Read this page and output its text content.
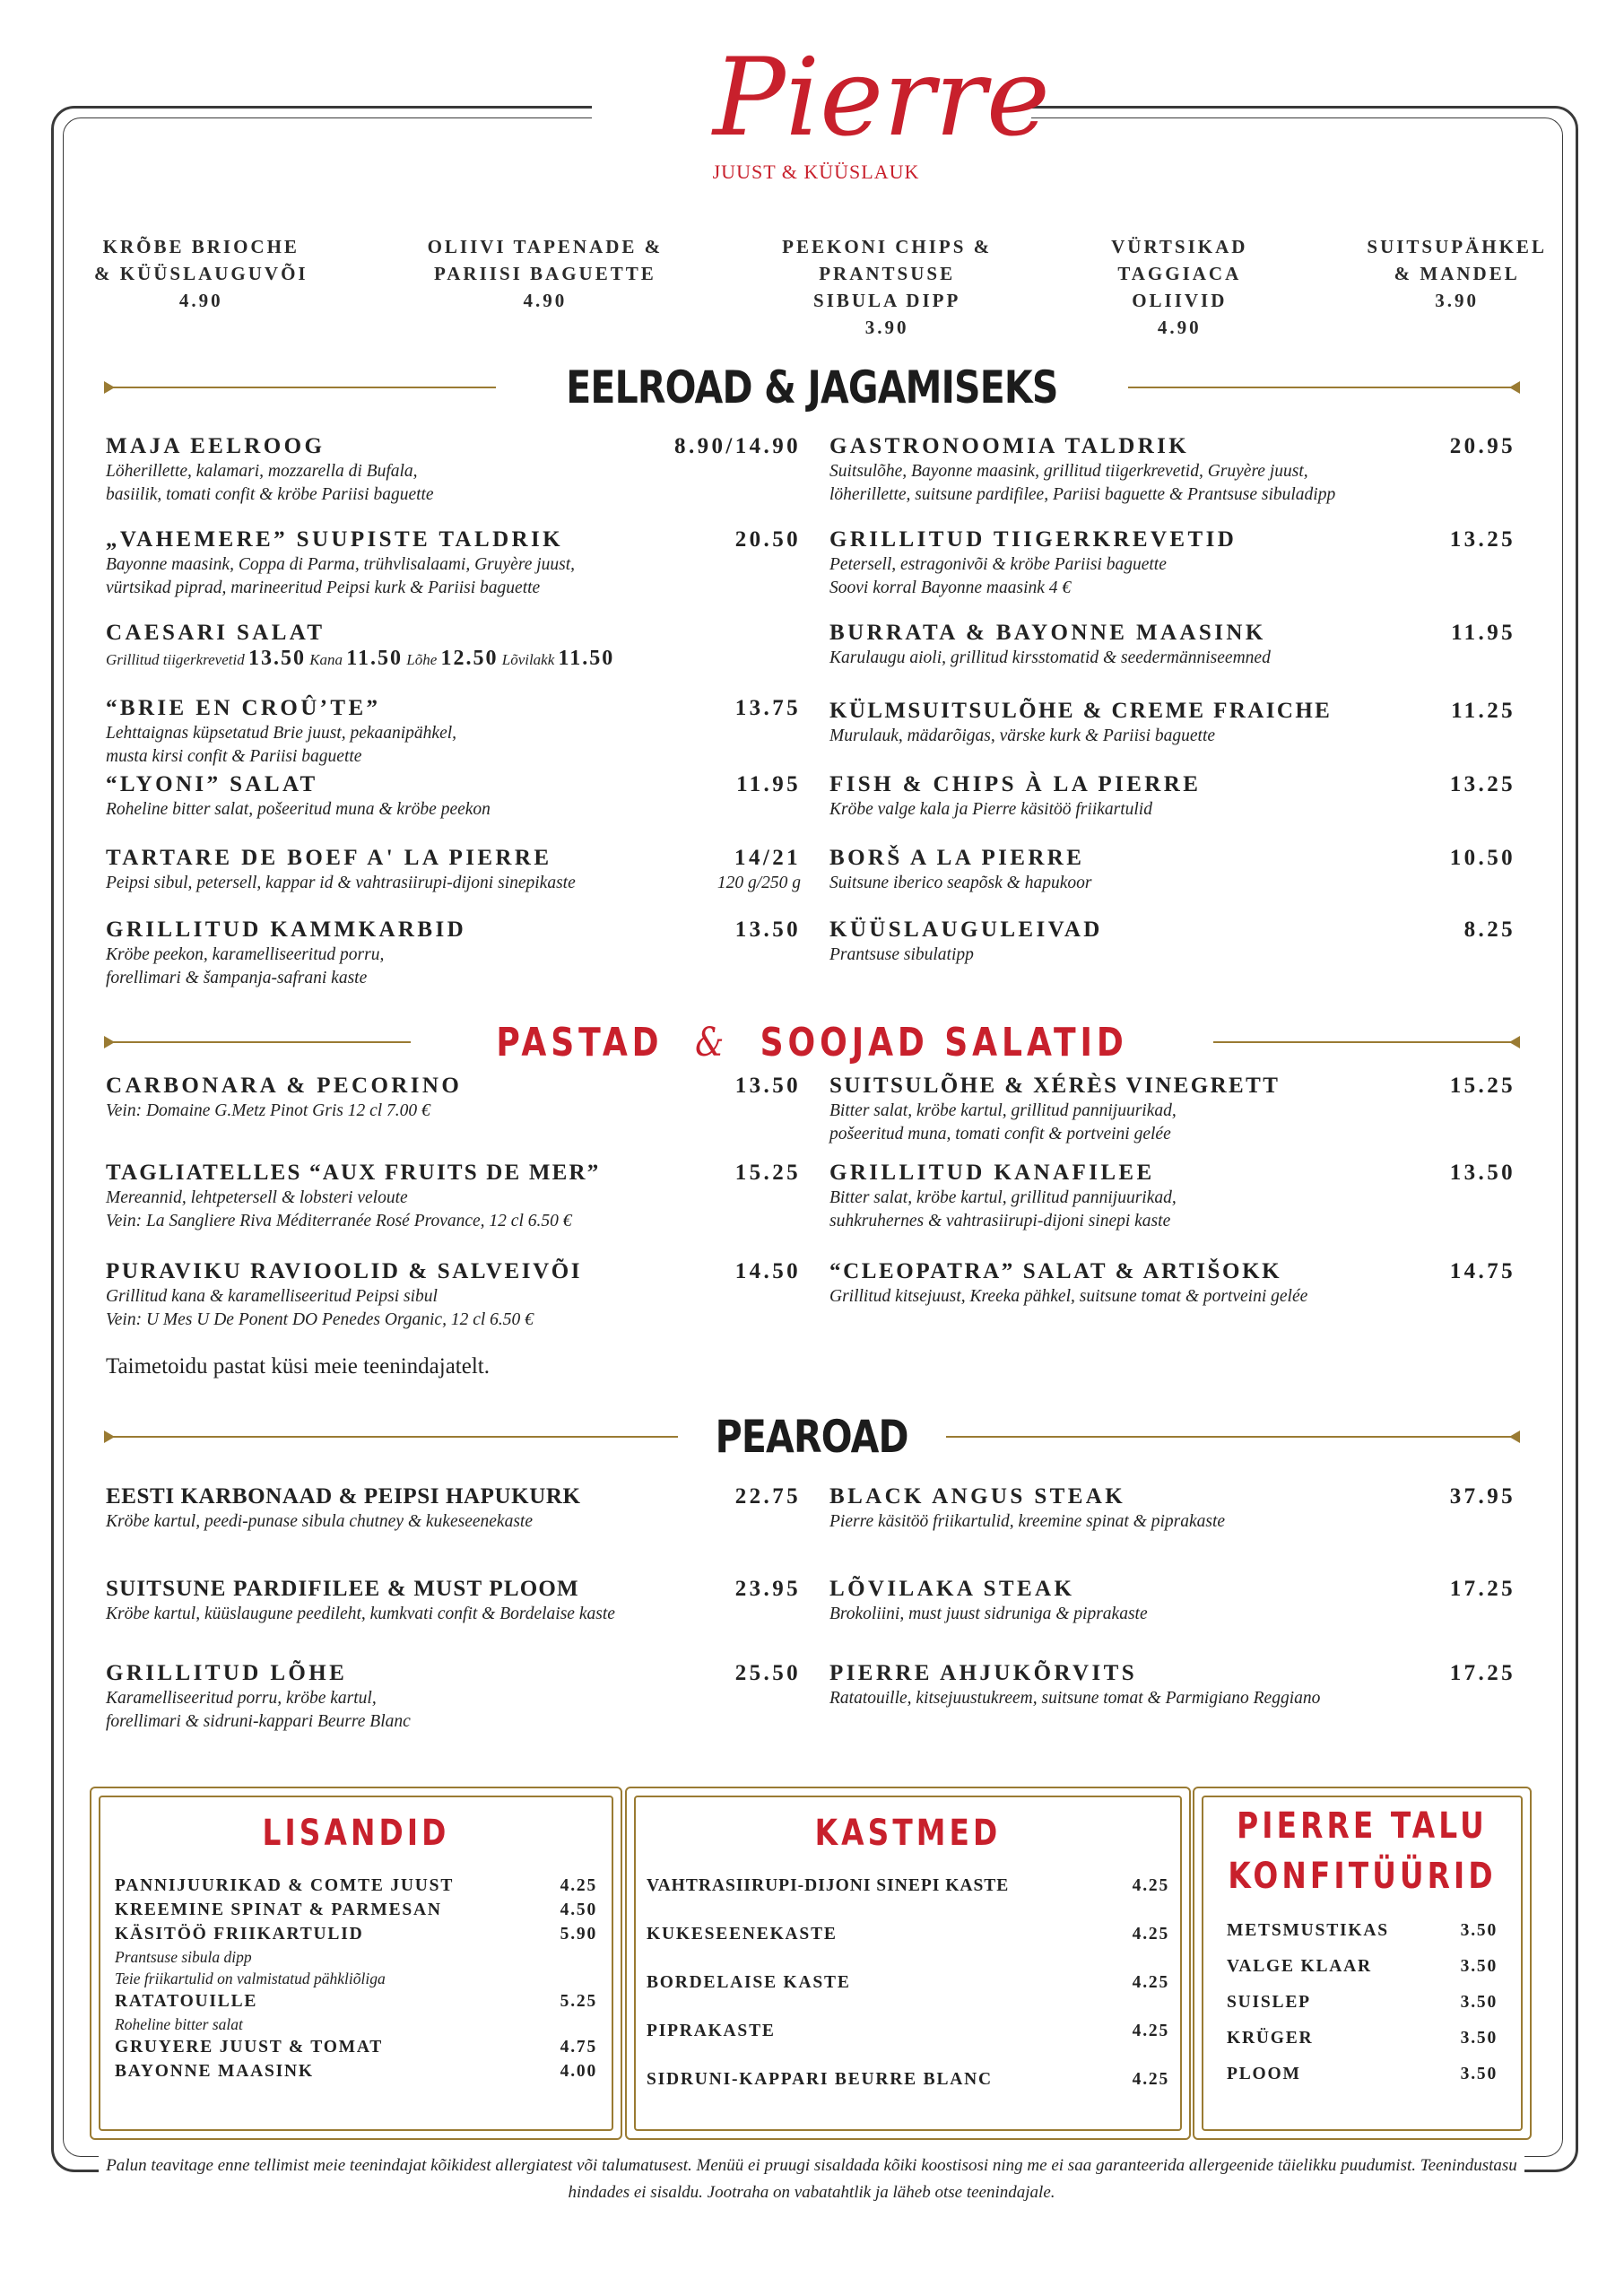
Pierre
JUUST & KÜÜSLAUK
KRÕBE BRIOCHE
& KÜÜSLAUGUVÕI
4.90
OLIIVI TAPENADE &
PARIISI BAGUETTE
4.90
PEEKONI CHIPS &
PRANTSUSE
SIBULA DIPP
3.90
VÜRTSIKAD
TAGGIACA
OLIIVID
4.90
SUITSUPÄHKEL
& MANDEL
3.90
EELROAD & JAGAMISEKS
MAJA EELROOG	8.90/14.90
Löherillette, kalamari, mozzarella di Bufala,
basiilik, tomati confit & kröbe Pariisi baguette
„VAHEMERE” SUUPISTE TALDRIK	20.50
Bayonne maasink, Coppa di Parma, trühvlisalaami, Gruyère juust,
vürtsikad piprad, marineeritud Peipsi kurk & Pariisi baguette
CAESARI SALAT
Grillitud tiigerkrevetid 13.50 Kana 11.50 Lõhe 12.50 Lõvilakk 11.50
“BRIE EN CROÛ’TE”	13.75
Lehttaignas küpsetatud Brie juust, pekaanipähkel,
musta kirsi confit & Pariisi baguette
“LYONI” SALAT	11.95
Roheline bitter salat, pošeeritud muna & kröbe peekon
TARTARE DE BOEF A' LA PIERRE	14/21
Peipsi sibul, petersell, kappar id & vahtrasiirupi-dijoni sinepikaste	120 g/250 g
GRILLITUD KAMMKARBID	13.50
Kröbe peekon, karamelliseeritud porru,
forellimari & šampanja-safrani kaste
GASTRONOOMIA TALDRIK	20.95
Suitsulõhe, Bayonne maasink, grillitud tiigerkrevetid, Gruyère juust,
löherillette, suitsune pardifilee, Pariisi baguette & Prantsuse sibuladipp
GRILLITUD TIIGERKREVETID	13.25
Petersell, estragonivõi & kröbe Pariisi baguette
Soovi korral Bayonne maasink 4 €
BURRATA & BAYONNE MAASINK	11.95
Karulaugu aioli, grillitud kirsstomatid & seedermänniseemned
KÜLMSUITSULÕHE & CREME FRAICHE	11.25
Murulauk, mädarõigas, värske kurk & Pariisi baguette
FISH & CHIPS À LA PIERRE	13.25
Kröbe valge kala ja Pierre käsitöö friikartulid
BORŠ A LA PIERRE	10.50
Suitsune iberico seapõsk & hapukoor
KÜÜSLAUGULEIVAD	8.25
Prantsuse sibulatipp
PASTAD & SOOJAD SALATID
CARBONARA & PECORINO	13.50
Vein: Domaine G.Metz Pinot Gris 12 cl 7.00 €
TAGLIATELLES “AUX FRUITS DE MER”	15.25
Mereannid, lehtpetersell & lobsteri veloute
Vein: La Sangliere Riva Méditerranée Rosé Provance, 12 cl 6.50 €
PURAVIKU RAVIOOLID & SALVEIVÕI	14.50
Grillitud kana & karamelliseeritud Peipsi sibul
Vein: U Mes U De Ponent DO Penedes Organic, 12 cl 6.50 €
SUITSULÕHE & XÉRÈS VINEGRETT	15.25
Bitter salat, kröbe kartul, grillitud pannijuurikad,
pošeeritud muna, tomati confit & portveini gelée
GRILLITUD KANAFILEE	13.50
Bitter salat, kröbe kartul, grillitud pannijuurikad,
suhkruhernes & vahtrasiirupi-dijoni sinepi kaste
“CLEOPATRA” SALAT & ARTIŠOKK	14.75
Grillitud kitsejuust, Kreeka pähkel, suitsune tomat & portveini gelée
Taimetoidu pastat küsi meie teenindajatelt.
PEAROAD
EESTI KARBONAAD & PEIPSI HAPUKURK	22.75
Kröbe kartul, peedi-punase sibula chutney & kukeseenekaste
SUITSUNE PARDIFILEE & MUST PLOOM	23.95
Kröbe kartul, küüslaugune peedileht, kumkvati confit & Bordelaise kaste
GRILLITUD LÕHE	25.50
Karamelliseeritud porru, kröbe kartul,
forellimari & sidruni-kappari Beurre Blanc
BLACK ANGUS STEAK	37.95
Pierre käsitöö friikartulid, kreemine spinat & piprakaste
LÕVILAKA STEAK	17.25
Brokoliini, must juust sidruniga & piprakaste
PIERRE AHJUKÕRVITS	17.25
Ratatouille, kitsejuustukreem, suitsune tomat & Parmigiano Reggiano
LISANDID
PANNIJUURIKAD & COMTE JUUST	4.25
KREEMINE SPINAT & PARMESAN	4.50
KÄSITÖÖ FRIIKARTULID	5.90
Prantsuse sibula dipp
Teie friikartulid on valmistatud pähkliõliga
RATATOUILLE	5.25
Roheline bitter salat
GRUYERE JUUST & TOMAT	4.75
BAYONNE MAASINK	4.00
KASTMED
VAHTRASIIRUPI-DIJONI SINEPI KASTE	4.25
KUKESEENEKASTE	4.25
BORDELAISE KASTE	4.25
PIPRAKASTE	4.25
SIDRUNI-KAPPARI BEURRE BLANC	4.25
PIERRE TALU
KONFITÜÜRID
METSMUSTIKAS	3.50
VALGE KLAAR	3.50
SUISLEP	3.50
KRÜGER	3.50
PLOOM	3.50
Palun teavitage enne tellimist meie teenindajat kõikidest allergiatest või talumatusest. Menüü ei pruugi sisaldada kõiki koostisosi ning me ei saa garanteerida allergeenide täielikku puudumist. Teenindustasu hindades ei sisaldu. Jootraha on vabatahtlik ja läheb otse teenindajale.
